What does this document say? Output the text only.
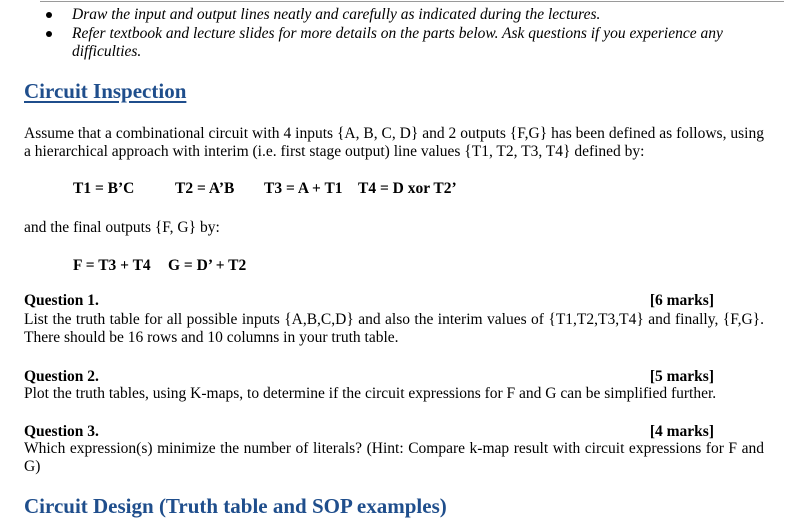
Draw the input and output lines neatly and carefully as indicated during the lectures.
Refer textbook and lecture slides for more details on the parts below. Ask questions if you experience any difficulties.
Circuit Inspection

Assume that a combinational circuit with 4 inputs {A, B, C, D} and 2 outputs {F,G} has been defined as follows, using a hierarchical approach with interim (i.e. first stage output) line values {T1, T2, T3, T4} defined by:

T1 = B’C	T2 = A’B T3 = A + T1 T4 = D xor T2’

and the final outputs {F, G} by:

F = T3 + T4 G = D’ + T2
Question 1.	[6 marks]

List the truth table for all possible inputs {A,B,C,D} and also the interim values of {T1,T2,T3,T4} and finally, {F,G}. There should be 16 rows and 10 columns in your truth table.

Question 2.	[5 marks]

Plot the truth tables, using K-maps, to determine if the circuit expressions for F and G can be simplified further.

Question 3.	[4 marks]

Which expression(s) minimize the number of literals? (Hint: Compare k-map result with circuit expressions for F and G)

Circuit Design (Truth table and SOP examples)
